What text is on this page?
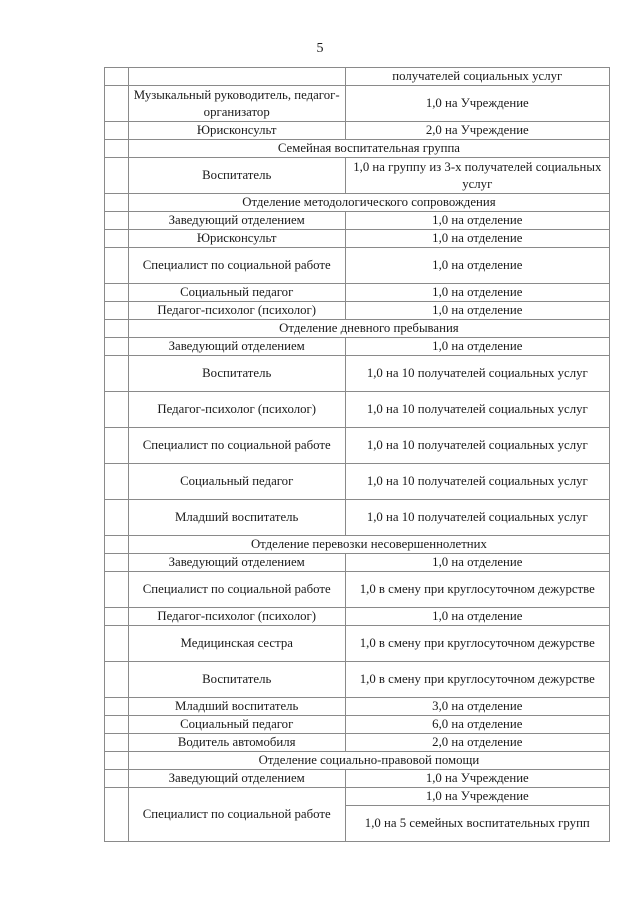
5
		получателей социальных услуг
	Музыкальный руководитель, педагог-организатор	1,0 на Учреждение
	Юрисконсульт	2,0 на Учреждение
	Семейная воспитательная группа	
	Воспитатель	1,0 на группу из 3-х получателей социальных услуг
	Отделение методологического сопровождения	
	Заведующий отделением	1,0 на отделение
	Юрисконсульт	1,0 на отделение
	Специалист по социальной работе	1,0 на отделение
	Социальный педагог	1,0 на отделение
	Педагог-психолог (психолог)	1,0 на отделение
	Отделение дневного пребывания	
	Заведующий отделением	1,0 на отделение
	Воспитатель	1,0 на 10 получателей социальных услуг
	Педагог-психолог (психолог)	1,0 на 10 получателей социальных услуг
	Специалист по социальной работе	1,0 на 10 получателей социальных услуг
	Социальный педагог	1,0 на 10 получателей социальных услуг
	Младший воспитатель	1,0 на 10 получателей социальных услуг
	Отделение перевозки несовершеннолетних	
	Заведующий отделением	1,0 на отделение
	Специалист по социальной работе	1,0 в смену при круглосуточном дежурстве
	Педагог-психолог (психолог)	1,0 на отделение
	Медицинская сестра	1,0 в смену при круглосуточном дежурстве
	Воспитатель	1,0 в смену при круглосуточном дежурстве
	Младший воспитатель	3,0 на отделение
	Социальный педагог	6,0 на отделение
	Водитель автомобиля	2,0 на отделение
	Отделение социально-правовой помощи	
	Заведующий отделением	1,0 на Учреждение
	Специалист по социальной работе	1,0 на Учреждение
		1,0 на 5 семейных воспитательных групп
